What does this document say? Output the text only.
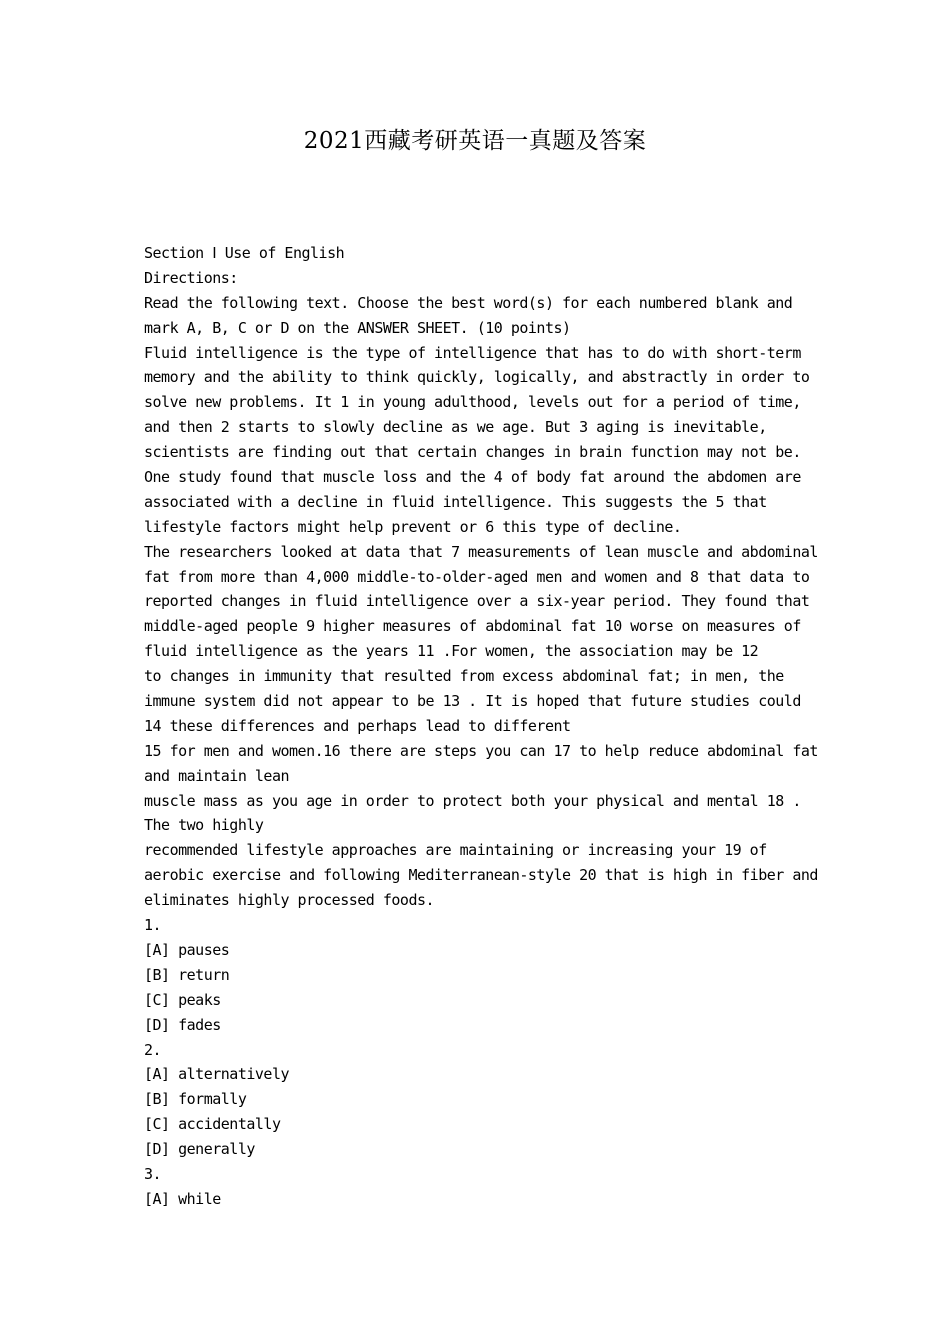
2021西藏考研英语一真题及答案
Section Ⅰ Use of English
Directions:
Read the following text. Choose the best word(s) for each numbered blank and
mark A, B, C or D on the ANSWER SHEET. (10 points)
Fluid intelligence is the type of intelligence that has to do with short-term
memory and the ability to think quickly, logically, and abstractly in order to
solve new problems. It 1 in young adulthood, levels out for a period of time,
and then 2 starts to slowly decline as we age. But 3 aging is inevitable,
scientists are finding out that certain changes in brain function may not be.
One study found that muscle loss and the 4 of body fat around the abdomen are
associated with a decline in fluid intelligence. This suggests the 5 that
lifestyle factors might help prevent or 6 this type of decline.
The researchers looked at data that 7 measurements of lean muscle and abdominal
fat from more than 4,000 middle-to-older-aged men and women and 8 that data to
reported changes in fluid intelligence over a six-year period. They found that
middle-aged people 9 higher measures of abdominal fat 10 worse on measures of
fluid intelligence as the years 11 .For women, the association may be 12
to changes in immunity that resulted from excess abdominal fat; in men, the
immune system did not appear to be 13 . It is hoped that future studies could
14 these differences and perhaps lead to different
15 for men and women.16 there are steps you can 17 to help reduce abdominal fat
and maintain lean
muscle mass as you age in order to protect both your physical and mental 18 .
The two highly
recommended lifestyle approaches are maintaining or increasing your 19 of
aerobic exercise and following Mediterranean-style 20 that is high in fiber and
eliminates highly processed foods.
1.
[A] pauses
[B] return
[C] peaks
[D] fades
2.
[A] alternatively
[B] formally
[C] accidentally
[D] generally
3.
[A] while
